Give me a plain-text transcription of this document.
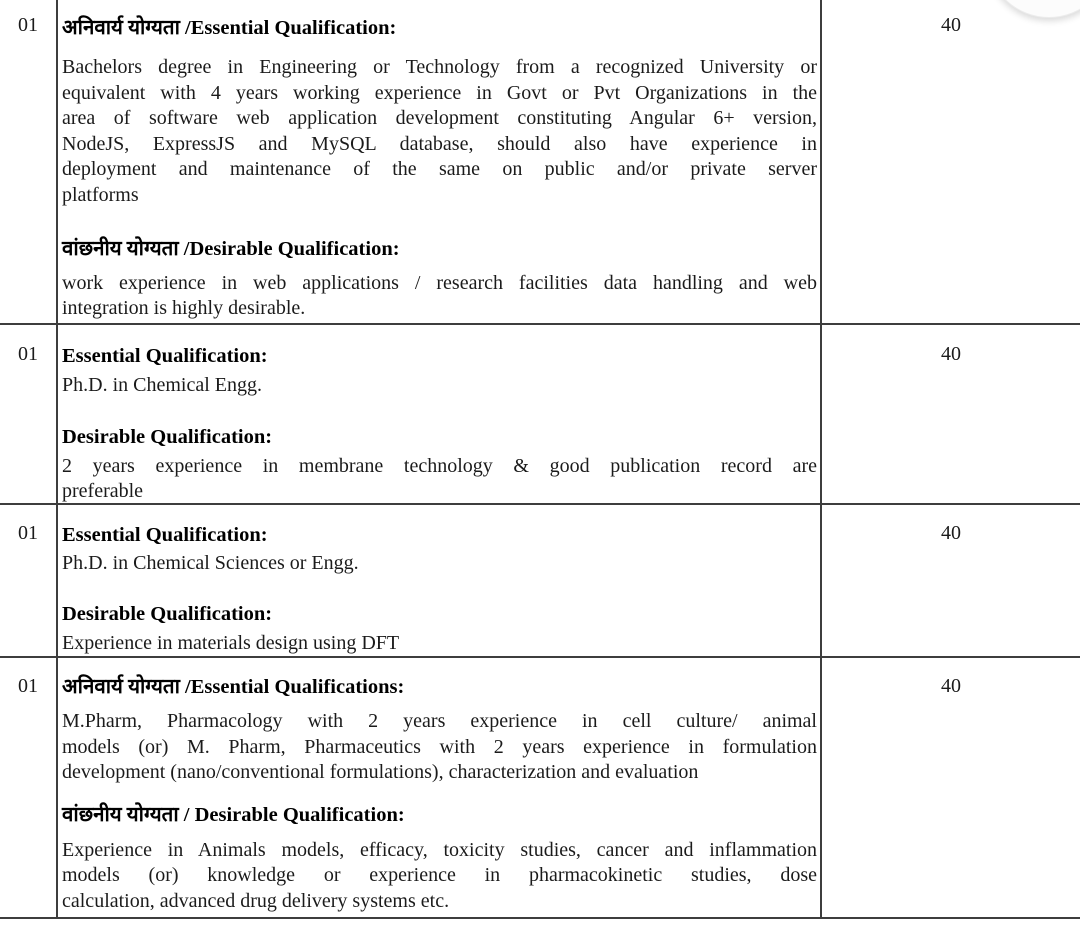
01	अनिवार्य योग्यता /Essential Qualification:
Bachelors degree in Engineering or Technology from a recognized University or
equivalent with 4 years working experience in Govt or Pvt Organizations in the
area of software web application development constituting Angular 6+ version,
NodeJS, ExpressJS and MySQL database, should also have experience in
deployment and maintenance of the same on public and/or private server
platforms
वांछनीय योग्यता /Desirable Qualification:
work experience in web applications / research facilities data handling and web
integration is highly desirable.
40
01	Essential Qualification:
Ph.D. in Chemical Engg.
Desirable Qualification:
2 years experience in membrane technology & good publication record are
preferable
40
01	Essential Qualification:
Ph.D. in Chemical Sciences or Engg.
Desirable Qualification:
Experience in materials design using DFT
40
01	अनिवार्य योग्यता /Essential Qualifications:
M.Pharm, Pharmacology with 2 years experience in cell culture/ animal
models (or) M. Pharm, Pharmaceutics with 2 years experience in formulation
development (nano/conventional formulations), characterization and evaluation
वांछनीय योग्यता / Desirable Qualification:
Experience in Animals models, efficacy, toxicity studies, cancer and inflammation
models (or) knowledge or experience in pharmacokinetic studies, dose
calculation, advanced drug delivery systems etc.
40
